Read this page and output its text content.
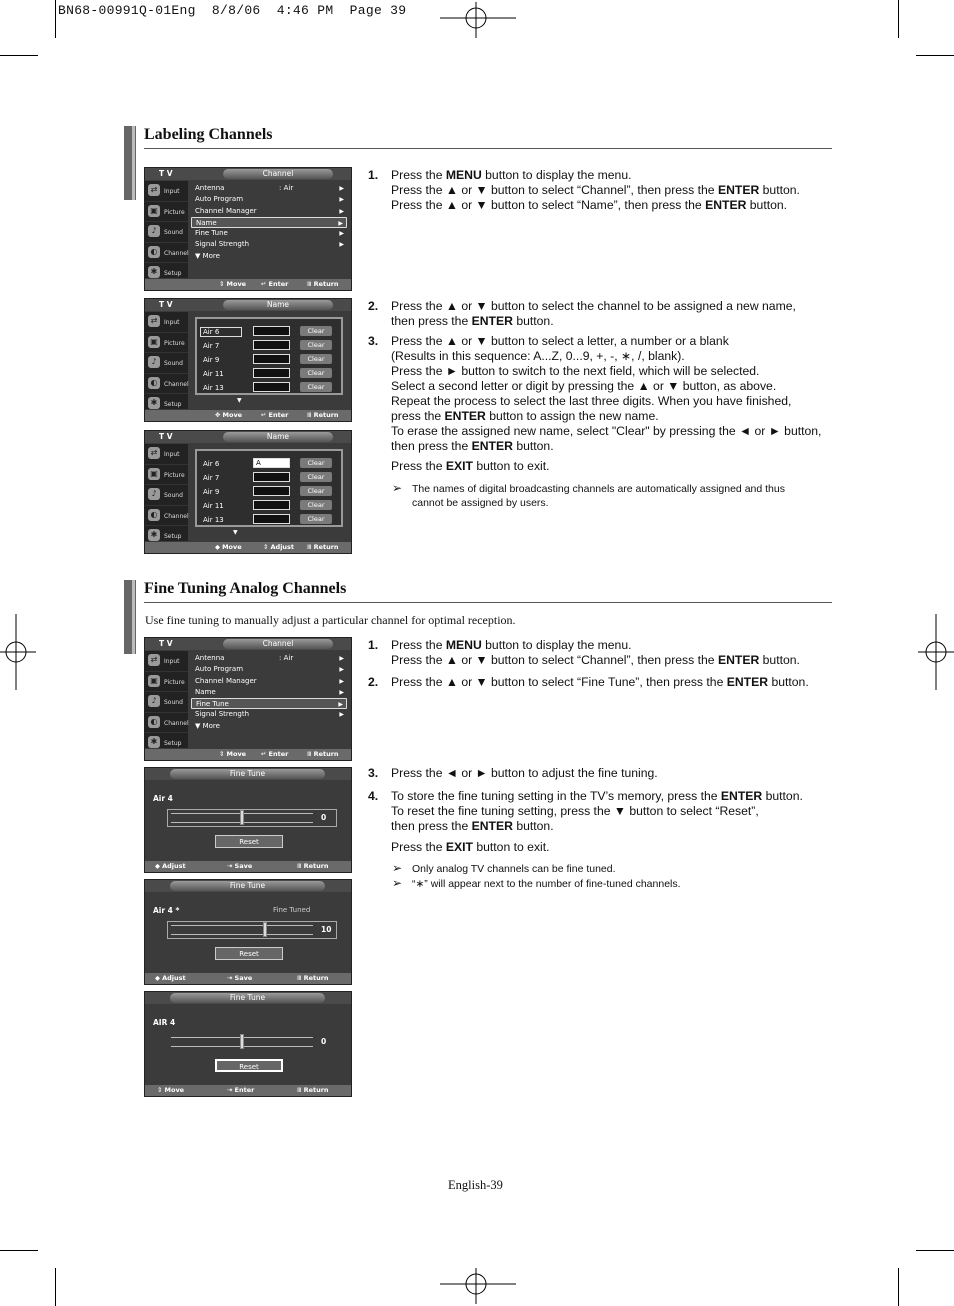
BN68-00991Q-01Eng  8/8/06  4:46 PM  Page 39
Labeling Channels
T V	Channel
⇄	Input
▣	Picture
♪	Sound
◐	Channel
✱	Setup
Antenna	: Air	▶
Auto Program	▶
Channel Manager	▶
Name	▶
Fine Tune	▶
Signal Strength	▶
▼ More
⇕ Move ↵ Enter	Ⅲ Return
T V	Name
⇄	Input
▣	Picture
♪	Sound
◐	Channel
✱	Setup
Air 6	Clear
Air 7	Clear
Air 9	Clear
Air 11	Clear
Air 13	Clear
▼
✥ Move	↵ Enter	Ⅲ Return
T V	Name
⇄	Input
▣	Picture
♪	Sound
◐	Channel
✱	Setup
Air 6	A	Clear
Air 7	Clear
Air 9	Clear
Air 11	Clear
Air 13	Clear
▼
◆ Move	⇕ Adjust Ⅲ Return
1. Press the MENU button to display the menu.

Press the ▲ or ▼ button to select “Channel”, then press the ENTER button.

Press the ▲ or ▼ button to select “Name”, then press the ENTER button.

2. Press the ▲ or ▼ button to select the channel to be assigned a new name,

then press the ENTER button.

3. Press the ▲ or ▼ button to select a letter, a number or a blank

(Results in this sequence: A...Z, 0...9, +, -, ∗, /, blank).

Press the ► button to switch to the next field, which will be selected.

Select a second letter or digit by pressing the ▲ or ▼ button, as above.

Repeat the process to select the last three digits. When you have finished,

press the ENTER button to assign the new name.

To erase the assigned new name, select "Clear" by pressing the ◄ or ► button,

then press the ENTER button.

Press the EXIT button to exit.
➢ The names of digital broadcasting channels are automatically assigned and thus

cannot be assigned by users.

Fine Tuning Analog Channels
Use fine tuning to manually adjust a particular channel for optimal reception.
T V	Channel
⇄	Input
▣	Picture
♪	Sound
◐	Channel
✱	Setup
Antenna	: Air	▶
Auto Program	▶
Channel Manager	▶
Name	▶
Fine Tune	▶
Signal Strength	▶
▼ More
⇕ Move ↵ Enter	Ⅲ Return
Fine Tune
Air 4
0
Reset
◆ Adjust	⇥ Save	Ⅲ Return
Fine Tune
Air 4 *	Fine Tuned
10
Reset
◆ Adjust	⇥ Save	Ⅲ Return
Fine Tune
AIR 4
0
Reset
⇕ Move	⇥ Enter	Ⅲ Return
1. Press the MENU button to display the menu.

Press the ▲ or ▼ button to select “Channel”, then press the ENTER button.

2. Press the ▲ or ▼ button to select “Fine Tune”, then press the ENTER button.

3. Press the ◄ or ► button to adjust the fine tuning.

4. To store the fine tuning setting in the TV’s memory, press the ENTER button.

To reset the fine tuning setting, press the ▼ button to select “Reset”,

then press the ENTER button.

Press the EXIT button to exit.
➢ Only analog TV channels can be fine tuned.

➢ “∗” will appear next to the number of fine-tuned channels.

English-39
